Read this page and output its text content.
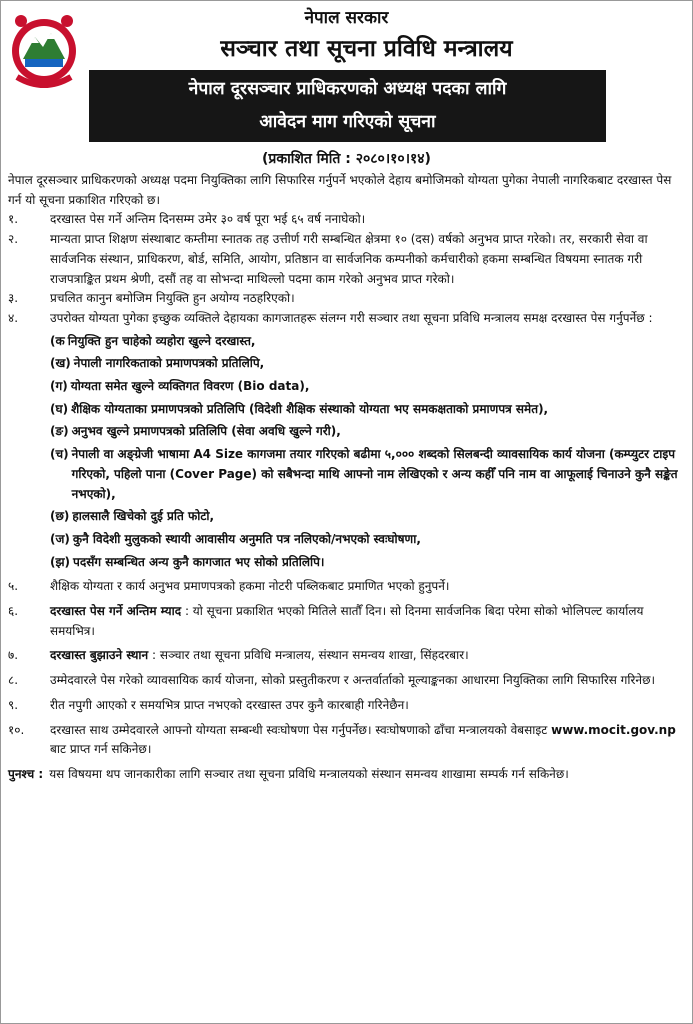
नेपाल सरकार
सञ्चार तथा सूचना प्रविधि मन्त्रालय
नेपाल दूरसञ्चार प्राधिकरणको अध्यक्ष पदका लागि
आवेदन माग गरिएको सूचना
(प्रकाशित मिति : २०८०।१०।१४)
नेपाल दूरसञ्चार प्राधिकरणको अध्यक्ष पदमा नियुक्तिका लागि सिफारिस गर्नुपर्ने भएकोले देहाय बमोजिमको योग्यता पुगेका नेपाली नागरिकबाट दरखास्त पेस गर्न यो सूचना प्रकाशित गरिएको छ।
१.	दरखास्त पेस गर्ने अन्तिम दिनसम्म उमेर ३० वर्ष पूरा भई ६५ वर्ष ननाघेको।
२.	मान्यता प्राप्त शिक्षण संस्थाबाट कम्तीमा स्नातक तह उत्तीर्ण गरी सम्बन्धित क्षेत्रमा १० (दस) वर्षको अनुभव प्राप्त गरेको। तर, सरकारी सेवा वा सार्वजनिक संस्थान, प्राधिकरण, बोर्ड, समिति, आयोग, प्रतिष्ठान वा सार्वजनिक कम्पनीको कर्मचारीको हकमा सम्बन्धित विषयमा स्नातक गरी राजपत्राङ्कित प्रथम श्रेणी, दसौं तह वा सोभन्दा माथिल्लो पदमा काम गरेको अनुभव प्राप्त गरेको।
३.	प्रचलित कानुन बमोजिम नियुक्ति हुन अयोग्य नठहरिएको।
४.	उपरोक्त योग्यता पुगेका इच्छुक व्यक्तिले देहायका कागजातहरू संलग्न गरी सञ्चार तथा सूचना प्रविधि मन्त्रालय समक्ष दरखास्त पेस गर्नुपर्नेछ :
(क नियुक्ति हुन चाहेको व्यहोरा खुल्ने दरखास्त,
(ख) नेपाली नागरिकताको प्रमाणपत्रको प्रतिलिपि,
(ग) योग्यता समेत खुल्ने व्यक्तिगत विवरण (Bio data),
(घ) शैक्षिक योग्यताका प्रमाणपत्रको प्रतिलिपि (विदेशी शैक्षिक संस्थाको योग्यता भए समकक्षताको प्रमाणपत्र समेत),
(ङ) अनुभव खुल्ने प्रमाणपत्रको प्रतिलिपि (सेवा अवधि खुल्ने गरी),
(च) नेपाली वा अङ्ग्रेजी भाषामा A4 Size कागजमा तयार गरिएको बढीमा ५,००० शब्दको सिलबन्दी व्यावसायिक कार्य योजना (कम्प्युटर टाइप गरिएको, पहिलो पाना (Cover Page) को सबैभन्दा माथि आफ्नो नाम लेखिएको र अन्य कहीँ पनि नाम वा आफूलाई चिनाउने कुनै सङ्केत नभएको),
(छ) हालसालै खिचेको दुई प्रति फोटो,
(ज) कुनै विदेशी मुलुकको स्थायी आवासीय अनुमति पत्र नलिएको/नभएको स्वःघोषणा,
(झ) पदसँग सम्बन्धित अन्य कुनै कागजात भए सोको प्रतिलिपि।
५.	शैक्षिक योग्यता र कार्य अनुभव प्रमाणपत्रको हकमा नोटरी पब्लिकबाट प्रमाणित भएको हुनुपर्ने।
६.	दरखास्त पेस गर्ने अन्तिम म्याद : यो सूचना प्रकाशित भएको मितिले सातौँ दिन। सो दिनमा सार्वजनिक बिदा परेमा सोको भोलिपल्ट कार्यालय समयभित्र।
७.	दरखास्त बुझाउने स्थान : सञ्चार तथा सूचना प्रविधि मन्त्रालय, संस्थान समन्वय शाखा, सिंहदरबार।
८.	उम्मेदवारले पेस गरेको व्यावसायिक कार्य योजना, सोको प्रस्तुतीकरण र अन्तर्वार्ताको मूल्याङ्कनका आधारमा नियुक्तिका लागि सिफारिस गरिनेछ।
९.	रीत नपुगी आएको र समयभित्र प्राप्त नभएको दरखास्त उपर कुनै कारबाही गरिनेछैन।
१०.	दरखास्त साथ उम्मेदवारले आफ्नो योग्यता सम्बन्धी स्वःघोषणा पेस गर्नुपर्नेछ। स्वःघोषणाको ढाँचा मन्त्रालयको वेबसाइट www.mocit.gov.np बाट प्राप्त गर्न सकिनेछ।
पुनश्च : यस विषयमा थप जानकारीका लागि सञ्चार तथा सूचना प्रविधि मन्त्रालयको संस्थान समन्वय शाखामा सम्पर्क गर्न सकिनेछ।
